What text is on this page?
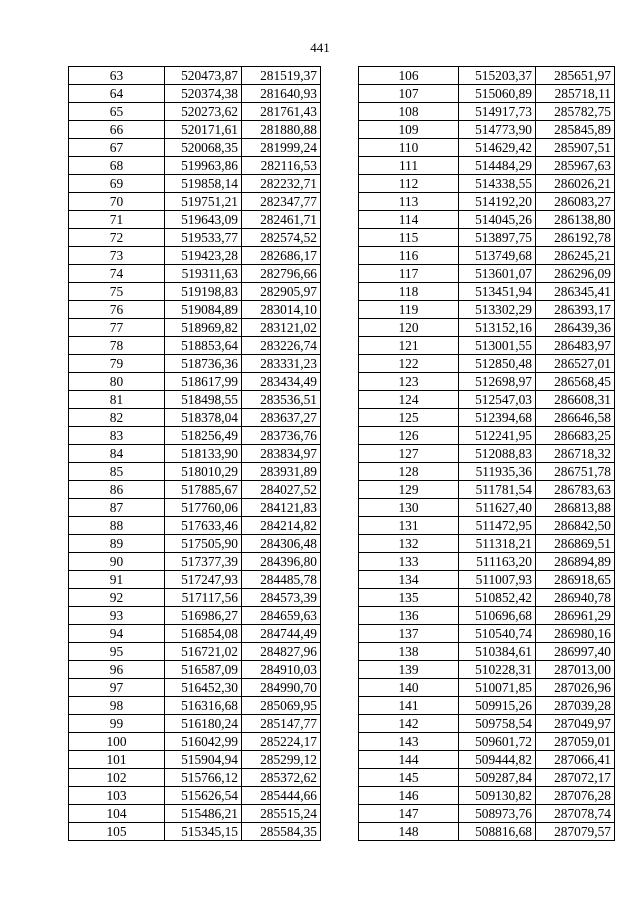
441
63	520473,87	281519,37
64	520374,38	281640,93
65	520273,62	281761,43
66	520171,61	281880,88
67	520068,35	281999,24
68	519963,86	282116,53
69	519858,14	282232,71
70	519751,21	282347,77
71	519643,09	282461,71
72	519533,77	282574,52
73	519423,28	282686,17
74	519311,63	282796,66
75	519198,83	282905,97
76	519084,89	283014,10
77	518969,82	283121,02
78	518853,64	283226,74
79	518736,36	283331,23
80	518617,99	283434,49
81	518498,55	283536,51
82	518378,04	283637,27
83	518256,49	283736,76
84	518133,90	283834,97
85	518010,29	283931,89
86	517885,67	284027,52
87	517760,06	284121,83
88	517633,46	284214,82
89	517505,90	284306,48
90	517377,39	284396,80
91	517247,93	284485,78
92	517117,56	284573,39
93	516986,27	284659,63
94	516854,08	284744,49
95	516721,02	284827,96
96	516587,09	284910,03
97	516452,30	284990,70
98	516316,68	285069,95
99	516180,24	285147,77
100	516042,99	285224,17
101	515904,94	285299,12
102	515766,12	285372,62
103	515626,54	285444,66
104	515486,21	285515,24
105	515345,15	285584,35
106	515203,37	285651,97
107	515060,89	285718,11
108	514917,73	285782,75
109	514773,90	285845,89
110	514629,42	285907,51
111	514484,29	285967,63
112	514338,55	286026,21
113	514192,20	286083,27
114	514045,26	286138,80
115	513897,75	286192,78
116	513749,68	286245,21
117	513601,07	286296,09
118	513451,94	286345,41
119	513302,29	286393,17
120	513152,16	286439,36
121	513001,55	286483,97
122	512850,48	286527,01
123	512698,97	286568,45
124	512547,03	286608,31
125	512394,68	286646,58
126	512241,95	286683,25
127	512088,83	286718,32
128	511935,36	286751,78
129	511781,54	286783,63
130	511627,40	286813,88
131	511472,95	286842,50
132	511318,21	286869,51
133	511163,20	286894,89
134	511007,93	286918,65
135	510852,42	286940,78
136	510696,68	286961,29
137	510540,74	286980,16
138	510384,61	286997,40
139	510228,31	287013,00
140	510071,85	287026,96
141	509915,26	287039,28
142	509758,54	287049,97
143	509601,72	287059,01
144	509444,82	287066,41
145	509287,84	287072,17
146	509130,82	287076,28
147	508973,76	287078,74
148	508816,68	287079,57
